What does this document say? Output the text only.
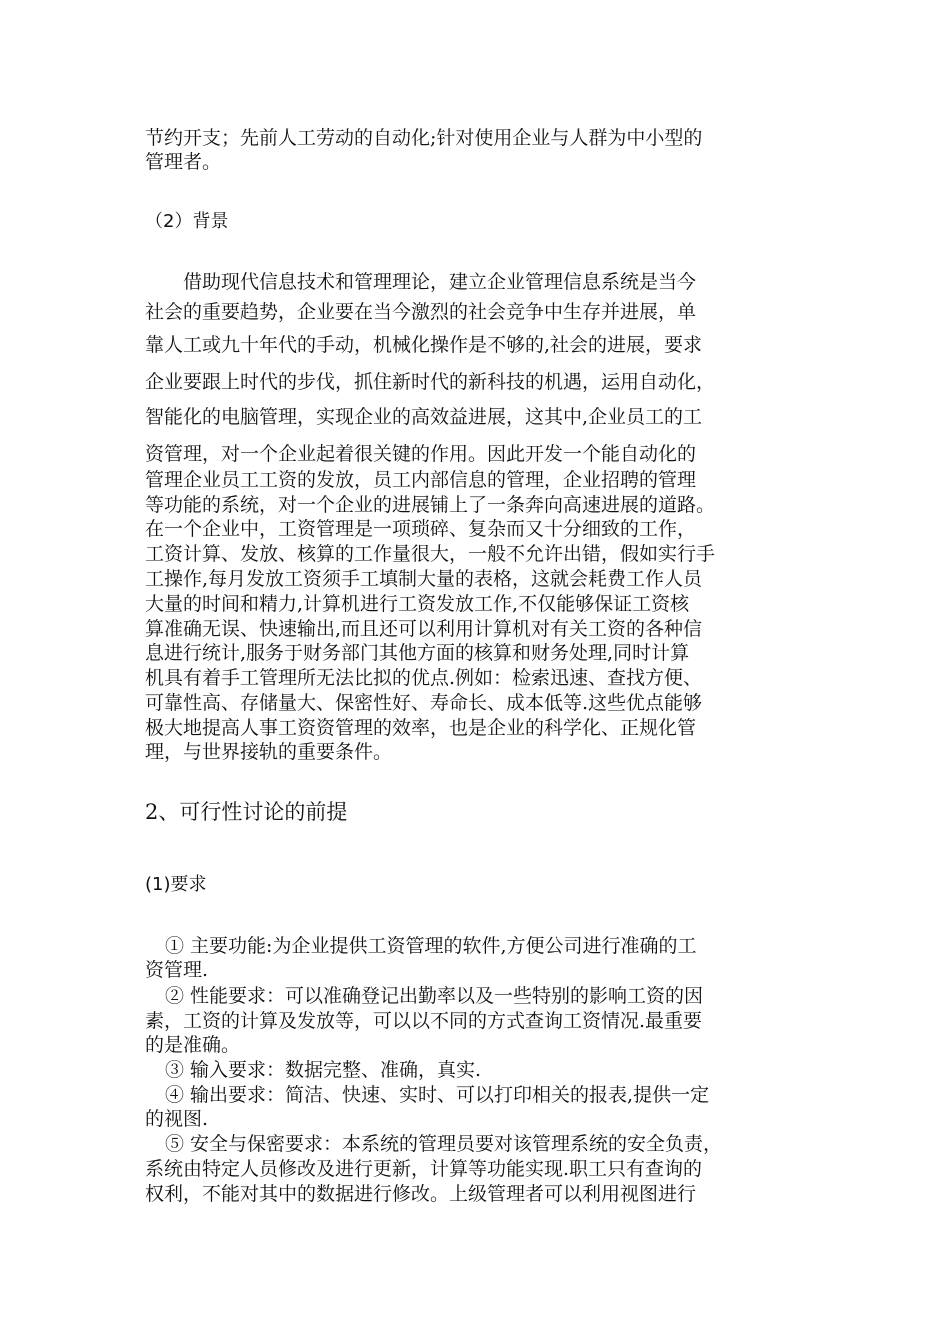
节约开支；先前人工劳动的自动化;针对使用企业与人群为中小型的
管理者。
（2）背景
借助现代信息技术和管理理论，建立企业管理信息系统是当今
社会的重要趋势，企业要在当今激烈的社会竞争中生存并进展，单
靠人工或九十年代的手动，机械化操作是不够的,社会的进展，要求
企业要跟上时代的步伐，抓住新时代的新科技的机遇，运用自动化，
智能化的电脑管理，实现企业的高效益进展，这其中,企业员工的工
资管理，对一个企业起着很关键的作用。因此开发一个能自动化的
管理企业员工工资的发放，员工内部信息的管理，企业招聘的管理
等功能的系统，对一个企业的进展铺上了一条奔向高速进展的道路。
在一个企业中，工资管理是一项琐碎、复杂而又十分细致的工作，
工资计算、发放、核算的工作量很大，一般不允许出错，假如实行手
工操作,每月发放工资须手工填制大量的表格，这就会耗费工作人员
大量的时间和精力,计算机进行工资发放工作,不仅能够保证工资核
算准确无误、快速输出,而且还可以利用计算机对有关工资的各种信
息进行统计,服务于财务部门其他方面的核算和财务处理,同时计算
机具有着手工管理所无法比拟的优点.例如：检索迅速、查找方便、
可靠性高、存储量大、保密性好、寿命长、成本低等.这些优点能够
极大地提高人事工资资管理的效率，也是企业的科学化、正规化管
理，与世界接轨的重要条件。
2、可行性讨论的前提
(1)要求
① 主要功能:为企业提供工资管理的软件,方便公司进行准确的工
资管理.
② 性能要求：可以准确登记出勤率以及一些特别的影响工资的因
素，工资的计算及发放等，可以以不同的方式查询工资情况.最重要
的是准确。
③ 输入要求：数据完整、准确，真实.
④ 输出要求：简洁、快速、实时、可以打印相关的报表,提供一定
的视图.
⑤ 安全与保密要求：本系统的管理员要对该管理系统的安全负责，
系统由特定人员修改及进行更新，计算等功能实现.职工只有查询的
权利，不能对其中的数据进行修改。上级管理者可以利用视图进行
